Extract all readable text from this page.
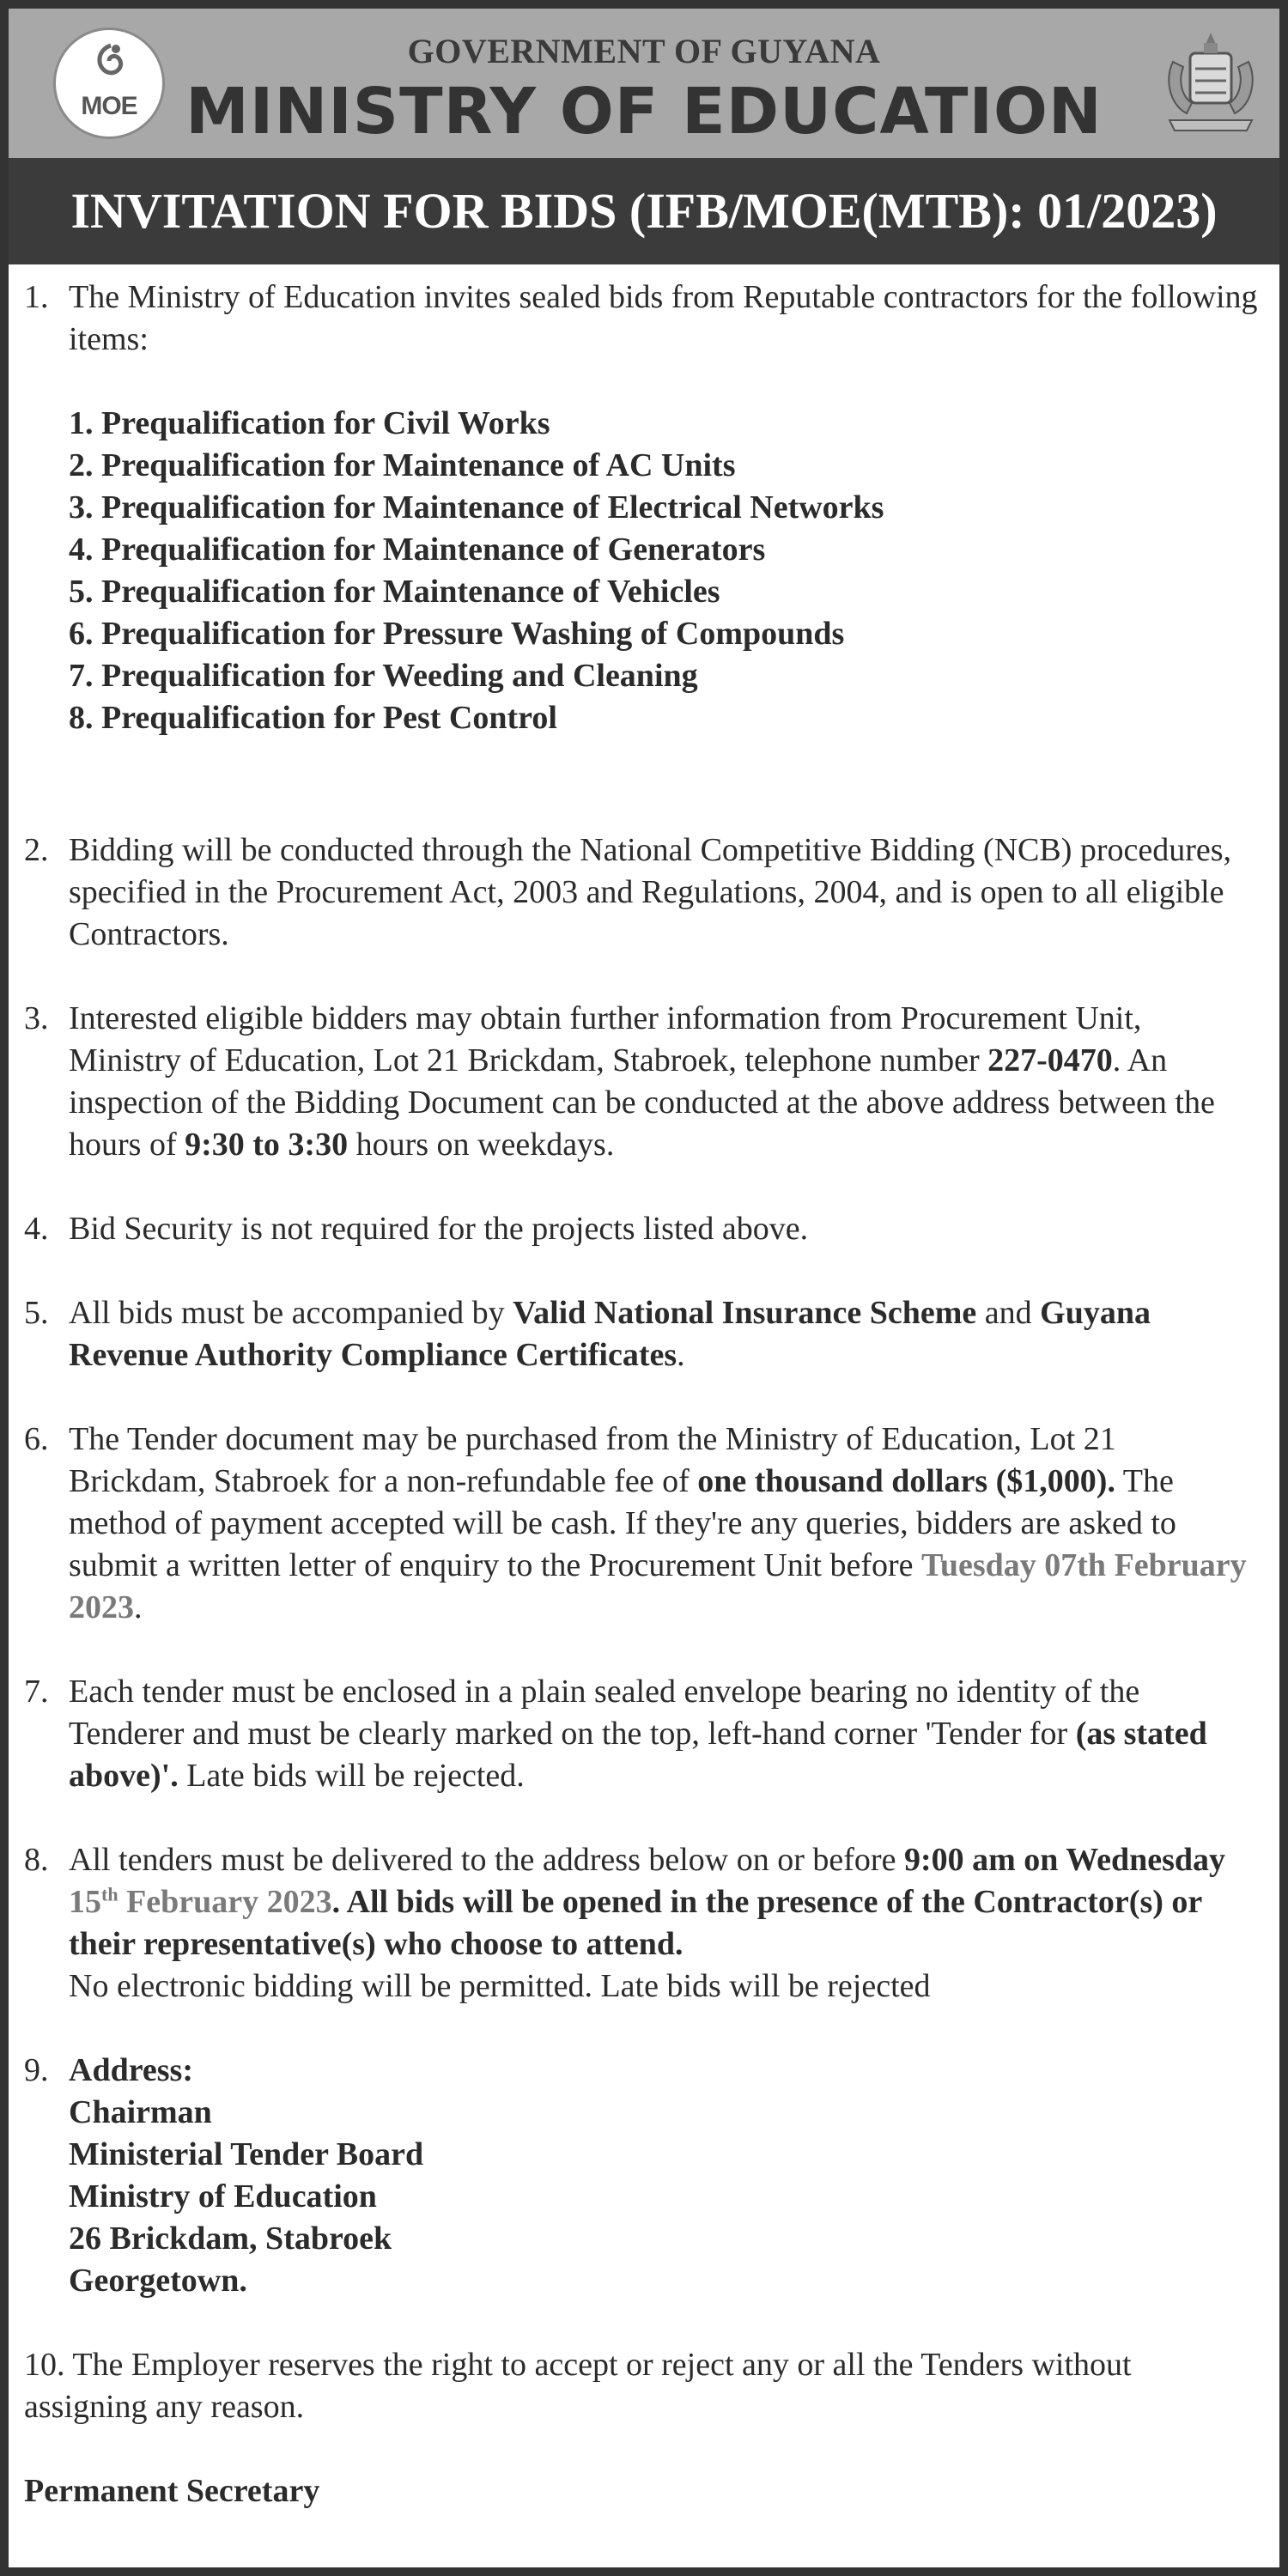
MOE
GOVERNMENT OF GUYANA
MINISTRY OF EDUCATION
INVITATION FOR BIDS (IFB/MOE(MTB): 01/2023)
1. The Ministry of Education invites sealed bids from Reputable contractors for the following items:
1. Prequalification for Civil Works
2. Prequalification for Maintenance of AC Units
3. Prequalification for Maintenance of Electrical Networks
4. Prequalification for Maintenance of Generators
5. Prequalification for Maintenance of Vehicles
6. Prequalification for Pressure Washing of Compounds
7. Prequalification for Weeding and Cleaning
8. Prequalification for Pest Control
2. Bidding will be conducted through the National Competitive Bidding (NCB) procedures, specified in the Procurement Act, 2003 and Regulations, 2004, and is open to all eligible Contractors.
3. Interested eligible bidders may obtain further information from Procurement Unit, Ministry of Education, Lot 21 Brickdam, Stabroek, telephone number 227-0470. An inspection of the Bidding Document can be conducted at the above address between the hours of 9:30 to 3:30 hours on weekdays.
4. Bid Security is not required for the projects listed above.
5. All bids must be accompanied by Valid National Insurance Scheme and Guyana Revenue Authority Compliance Certificates.
6. The Tender document may be purchased from the Ministry of Education, Lot 21 Brickdam, Stabroek for a non-refundable fee of one thousand dollars ($1,000). The method of payment accepted will be cash. If they're any queries, bidders are asked to submit a written letter of enquiry to the Procurement Unit before Tuesday 07th February 2023.
7. Each tender must be enclosed in a plain sealed envelope bearing no identity of the Tenderer and must be clearly marked on the top, left-hand corner 'Tender for (as stated above)'. Late bids will be rejected.
8. All tenders must be delivered to the address below on or before 9:00 am on Wednesday 15th February 2023. All bids will be opened in the presence of the Contractor(s) or their representative(s) who choose to attend.
No electronic bidding will be permitted. Late bids will be rejected
9. Address:
Chairman
Ministerial Tender Board
Ministry of Education
26 Brickdam, Stabroek
Georgetown.
10. The Employer reserves the right to accept or reject any or all the Tenders without assigning any reason.
Permanent Secretary
